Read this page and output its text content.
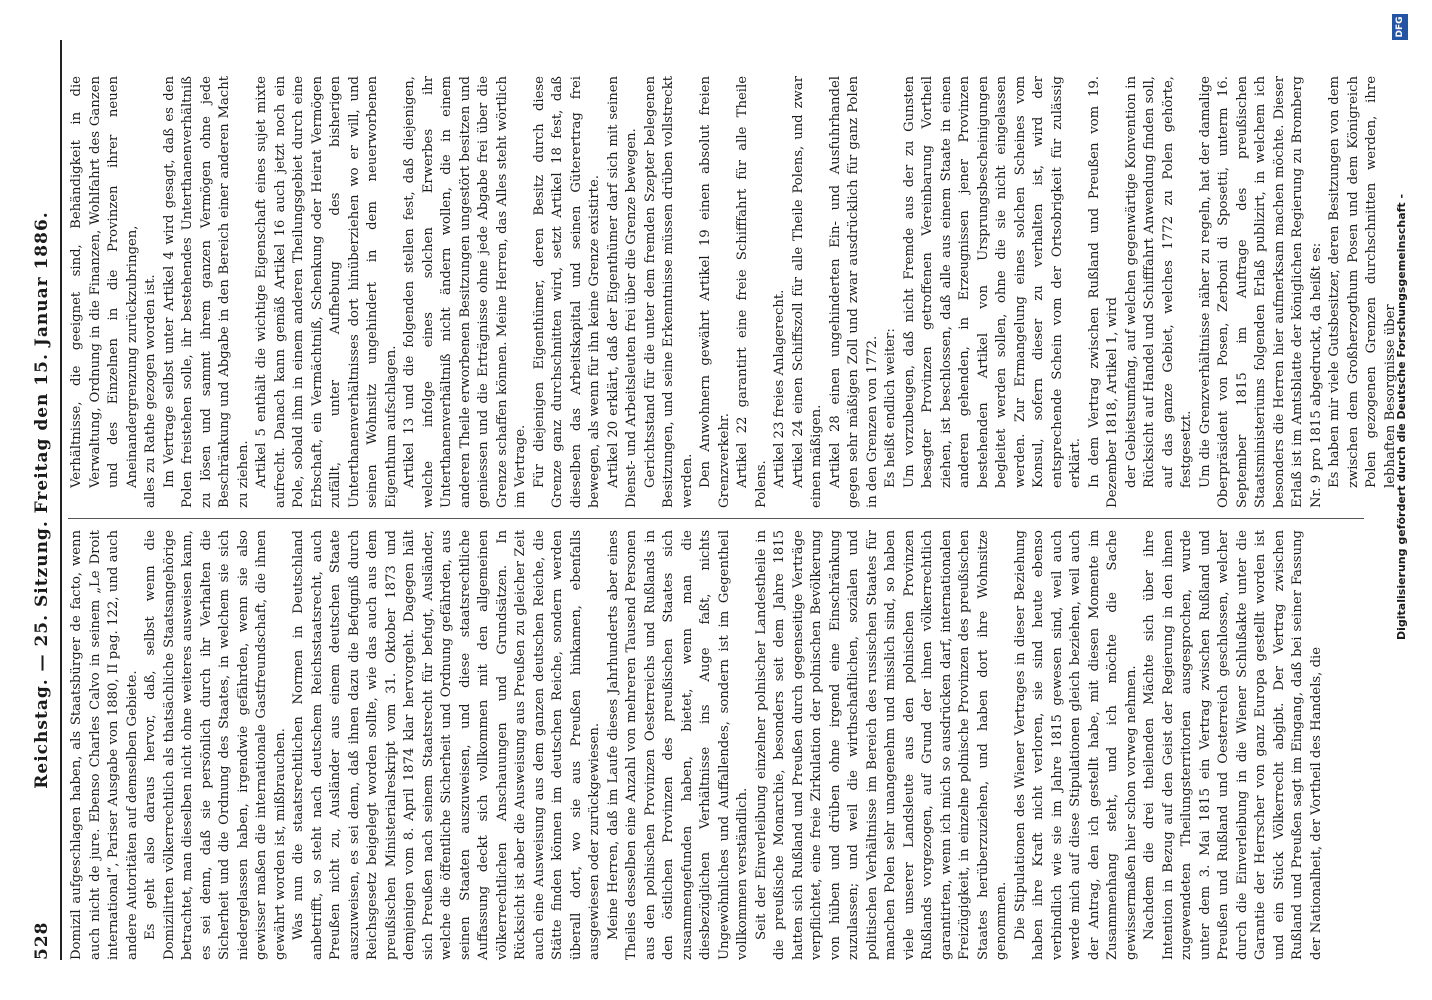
528
Reichstag. — 25. Sitzung. Freitag den 15. Januar 1886. Domizil aufgeschlagen haben, als Staatsbürger de facto, wenn auch nicht de jure. Ebenso Charles Calvo in seinem „Le Droit international“, Pariser Ausgabe von 1880, II pag. 122, und auch andere Autoritäten auf demselben Gebiete. Es geht also daraus hervor, daß, selbst wenn die Domizilirten völkerrechtlich als thatsächliche Staatsangehörige betrachtet, man dieselben nicht ohne weiteres ausweisen kann, es sei denn, daß sie persönlich durch ihr Verhalten die Sicherheit und die Ordnung des Staates, in welchem sie sich niedergelassen haben, irgendwie gefährden, wenn sie also gewisser maßen die internationale Gastfreundschaft, die ihnen gewährt worden ist, mißbrauchen. Was nun die staatsrechtlichen Normen in Deutschland anbetrifft, so steht nach deutschem Reichsstaatsrecht, auch Preußen nicht zu, Ausländer aus einem deutschen Staate auszuweisen, es sei denn, daß ihnen dazu die Befugniß durch Reichsgesetz beigelegt worden sollte, wie das auch aus dem preußischen Ministerialreskript vom 31. Oktober 1873 und demjenigen vom 8. April 1874 klar hervorgeht. Dagegen hält sich Preußen nach seinem Staatsrecht für befugt, Ausländer, welche die öffentliche Sicherheit und Ordnung gefährden, aus seinen Staaten auszuweisen, und diese staatsrechtliche Auffassung deckt sich vollkommen mit den allgemeinen völkerrechtlichen Anschauungen und Grundsätzen. In Rücksicht ist aber die Ausweisung aus Preußen zu gleicher Zeit auch eine Ausweisung aus dem ganzen deutschen Reiche, die Stätte finden können im deutschen Reiche, sondern werden überall dort, wo sie aus Preußen hinkamen, ebenfalls ausgewiesen oder zurückgewiesen. Meine Herren, daß im Laufe dieses Jahrhunderts aber eines Theiles desselben eine Anzahl von mehreren Tausend Personen aus den polnischen Provinzen Oesterreichs und Rußlands in den östlichen Provinzen des preußischen Staates sich zusammengefunden haben, bietet, wenn man die diesbezüglichen Verhältnisse ins Auge faßt, nichts Ungewöhnliches und Auffallendes, sondern ist im Gegentheil vollkommen verständlich. Seit der Einverleibung einzelner polnischer Landestheile in die preußische Monarchie, besonders seit dem Jahre 1815 hatten sich Rußland und Preußen durch gegenseitige Verträge verpflichtet, eine freie Zirkulation der polnischen Bevölkerung von hüben und drüben ohne irgend eine Einschränkung zuzulassen; und weil die wirthschaftlichen, sozialen und politischen Verhältnisse im Bereich des russischen Staates für manchen Polen sehr unangenehm und misslich sind, so haben viele unserer Landsleute aus den polnischen Provinzen Rußlands vorgezogen, auf Grund der ihnen völkerrechtlich garantirten, wenn ich mich so ausdrücken darf, internationalen Freizügigkeit, in einzelne polnische Provinzen des preußischen Staates herüberzuziehen, und haben dort ihre Wohnsitze genommen. Die Stipulationen des Wiener Vertrages in dieser Beziehung haben ihre Kraft nicht verloren, sie sind heute ebenso verbindlich wie sie im Jahre 1815 gewesen sind, weil auch werde mich auf diese Stipulationen gleich beziehen, weil auch der Antrag, den ich gestellt habe, mit diesen Momente im Zusammenhang steht, und ich möchte die Sache gewissermaßen hier schon vorweg nehmen. Nachdem die drei theilenden Mächte sich über ihre Intention in Bezug auf den Geist der Regierung in den ihnen zugewendeten Theilungsterritorien ausgesprochen, wurde unter dem 3. Mai 1815 ein Vertrag zwischen Rußland und Preußen und Rußland und Oesterreich geschlossen, welcher durch die Einverleibung in die Wiener Schlußakte unter die Garantie der Herrscher von ganz Europa gestellt worden ist und ein Stück Völkerrecht abgibt. Der Vertrag zwischen Rußland und Preußen sagt im Eingang, daß bei seiner Fassung der Nationalheit, der Vortheil des Handels, die

Verhältnisse, die geeignet sind, Behändigkeit in die Verwaltung, Ordnung in die Finanzen, Wohlfahrt des Ganzen und des Einzelnen in die Provinzen ihrer neuen Aneinandergrenzung zurückzubringen, alles zu Rathe gezogen worden ist. Im Vertrage selbst unter Artikel 4 wird gesagt, daß es den Polen freistehen solle, ihr bestehendes Unterthanenverhältniß zu lösen und sammt ihrem ganzen Vermögen ohne jede Beschränkung und Abgabe in den Bereich einer anderen Macht zu ziehen. Artikel 5 enthält die wichtige Eigenschaft eines sujet mixte aufrecht. Danach kann gemäß Artikel 16 auch jetzt noch ein Pole, sobald ihm in einem anderen Theilungsgebiet durch eine Erbschaft, ein Vermächtniß, Schenkung oder Heirat Vermögen zufällt, unter Aufhebung des bisherigen Unterthanenverhältnisses dort hinüberziehen wo er will, und seinen Wohnsitz ungehindert in dem neuerworbenen Eigenthum aufschlagen. Artikel 13 und die folgenden stellen fest, daß diejenigen, welche infolge eines solchen Erwerbes ihr Unterthanenverhältniß nicht ändern wollen, die in einem anderen Theile erworbenen Besitzungen ungestört besitzen und geniessen und die Erträgnisse ohne jede Abgabe frei über die Grenze schaffen können. Meine Herren, das Alles steht wörtlich im Vertrage. Für diejenigen Eigenthümer, deren Besitz durch diese Grenze ganz durchschnitten wird, setzt Artikel 18 fest, daß dieselben das Arbeitskapital und seinen Güterertrag frei bewegen, als wenn für ihn keine Grenze existirte. Artikel 20 erklärt, daß der Eigenthümer darf sich mit seinen Dienst- und Arbeitsleuten frei über die Grenze bewegen. Gerichtsstand für die unter dem fremden Szepter belegenen Besitzungen, und seine Erkenntnisse müssen drüben vollstreckt werden. Den Anwohnern gewährt Artikel 19 einen absolut freien Grenzverkehr. Artikel 22 garantirt eine freie Schifffahrt für alle Theile Polens. Artikel 23 freies Anlagerecht. Artikel 24 einen Schiffszoll für alle Theile Polens, und zwar einen mäßigen. Artikel 28 einen ungehinderten Ein- und Ausfuhrhandel gegen sehr mäßigen Zoll und zwar ausdrücklich für ganz Polen in den Grenzen von 1772. Es heißt endlich weiter: Um vorzubeugen, daß nicht Fremde aus der zu Gunsten besagter Provinzen getroffenen Vereinbarung Vortheil ziehen, ist beschlossen, daß alle aus einem Staate in einen anderen gehenden, in Erzeugnissen jener Provinzen bestehenden Artikel von Ursprungsbescheinigungen begleitet werden sollen, ohne die sie nicht eingelassen werden. Zur Ermangelung eines solchen Scheines vom Konsul, sofern dieser zu verhalten ist, wird der entsprechende Schein vom der Ortsobrigkeit für zulässig erklärt. In dem Vertrag zwischen Rußland und Preußen vom 19. Dezember 1818, Artikel 1, wird der Gebietsumfang, auf welchen gegenwärtige Konvention in Rücksicht auf Handel und Schifffahrt Anwendung finden soll, auf das ganze Gebiet, welches 1772 zu Polen gehörte, festgesetzt. Um die Grenzverhältnisse näher zu regeln, hat der damalige Oberpräsident von Posen, Zerboni di Sposetti, unterm 16. September 1815 im Auftrage des preußischen Staatsministeriums folgenden Erlaß publizirt, in welchem ich besonders die Herren hier aufmerksam machen möchte. Dieser Erlaß ist im Amtsblatte der königlichen Regierung zu Bromberg Nr. 9 pro 1815 abgedruckt, da heißt es: Es haben mir viele Gutsbesitzer, deren Besitzungen von dem zwischen dem Großherzogthum Posen und dem Königreich Polen gezogenen Grenzen durchschnitten werden, ihre lebhaften Besorgnisse über

Digitalisierung gefördert durch die Deutsche Forschungsgemeinschaft -
DFG
